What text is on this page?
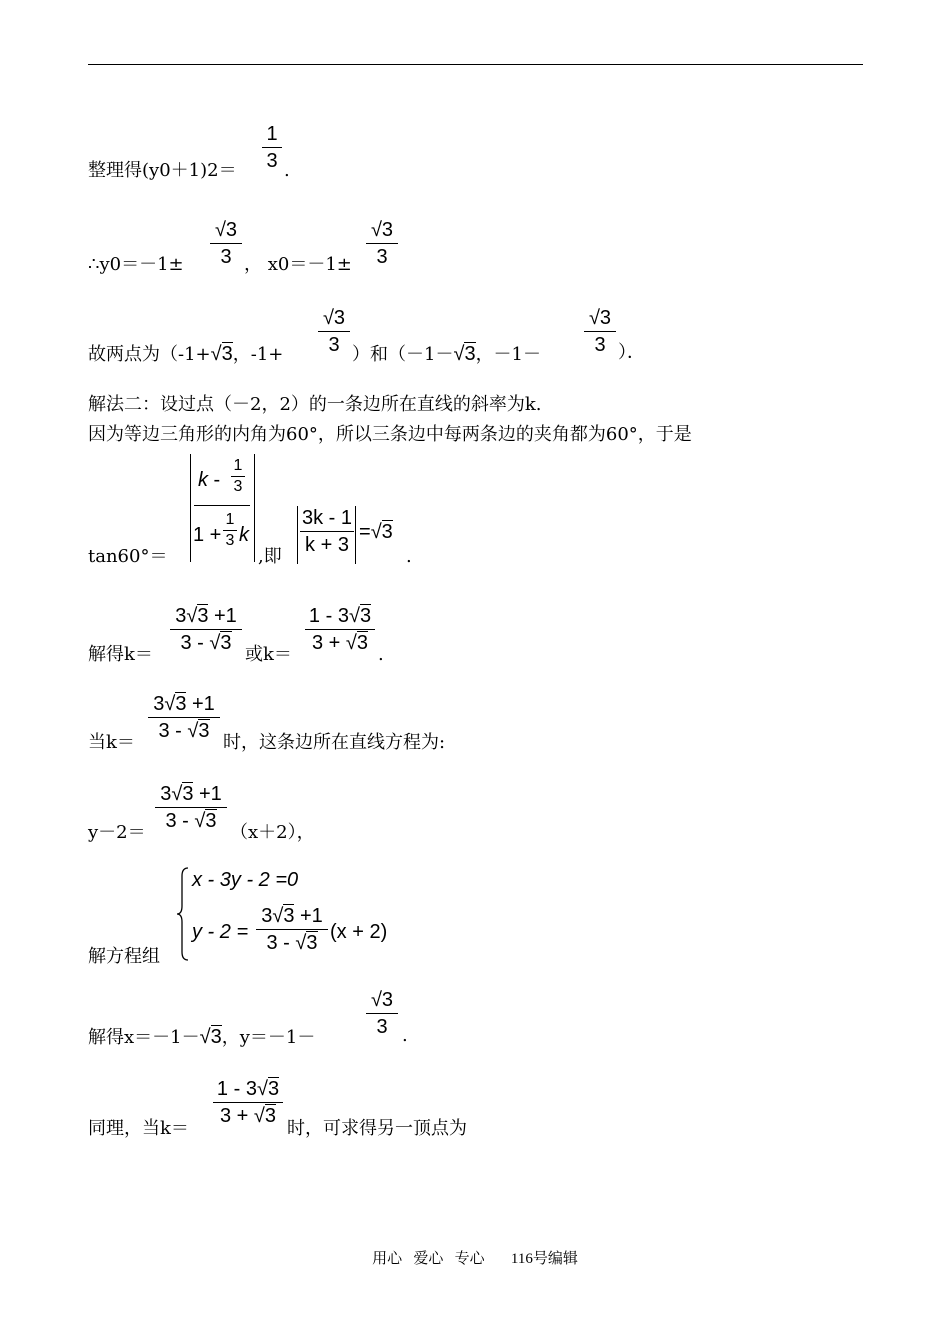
整理得(y0＋1)2＝
1
3 .
∴y0＝－1±
√3
3 ， x0＝－1±
√3
3
故两点为（-1+√3，-1+
√3
3 ）和（－1－√3，－1－
√3
3 ）．
解法二：设过点（－2，2）的一条边所在直线的斜率为k.
因为等边三角形的内角为60°，所以三条边中每两条边的夹角都为60°，于是
tan60°＝
k -
1
3
1 +
1
3 k
,即
3k - 1
k + 3
=√3
.
解得k＝
3√3 +1
3 - √3
或k＝
1 - 3√3
3 + √3
.
当k＝
3√3 +1
3 - √3
时，这条边所在直线方程为:
y－2＝
3√3 +1
3 - √3
（x＋2），
解方程组
x - 3y - 2 =0
y - 2 =
3√3 +1
3 - √3 (x + 2)
解得x＝－1－√3，y＝－1－
√3
3 .
同理，当k＝
1 - 3√3
3 + √3
时，可求得另一顶点为
用心   爱心   专心       116号编辑
